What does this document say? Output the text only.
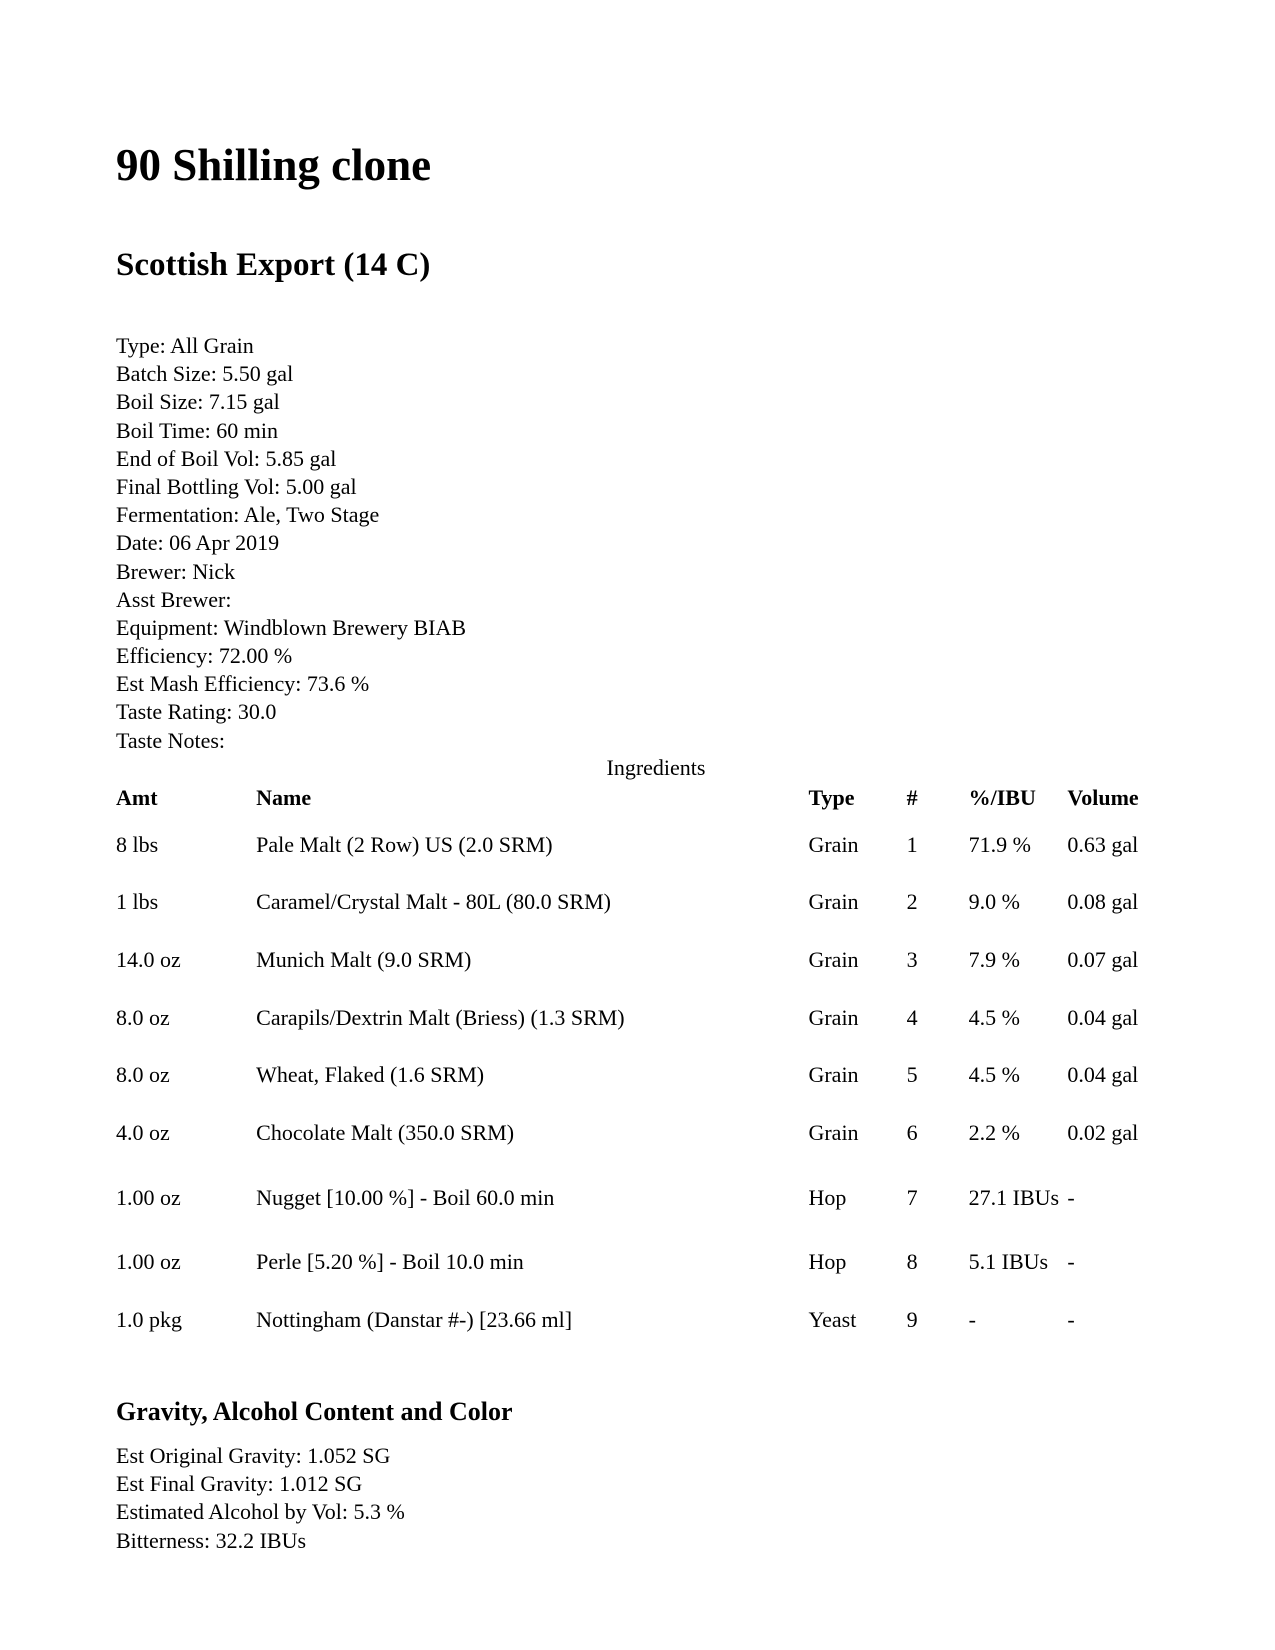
90 Shilling clone
Scottish Export (14 C)
Type: All Grain
Batch Size: 5.50 gal
Boil Size: 7.15 gal
Boil Time: 60 min
End of Boil Vol: 5.85 gal
Final Bottling Vol: 5.00 gal
Fermentation: Ale, Two Stage
Date: 06 Apr 2019
Brewer: Nick
Asst Brewer:
Equipment: Windblown Brewery BIAB
Efficiency: 72.00 %
Est Mash Efficiency: 73.6 %
Taste Rating: 30.0
Taste Notes:
Ingredients
Amt	Name	Type	#	%/IBU	Volume
8 lbs	Pale Malt (2 Row) US (2.0 SRM)	Grain	1	71.9 %	0.63 gal
1 lbs	Caramel/Crystal Malt - 80L (80.0 SRM)	Grain	2	9.0 %	0.08 gal
14.0 oz	Munich Malt (9.0 SRM)	Grain	3	7.9 %	0.07 gal
8.0 oz	Carapils/Dextrin Malt (Briess) (1.3 SRM)	Grain	4	4.5 %	0.04 gal
8.0 oz	Wheat, Flaked (1.6 SRM)	Grain	5	4.5 %	0.04 gal
4.0 oz	Chocolate Malt (350.0 SRM)	Grain	6	2.2 %	0.02 gal
1.00 oz	Nugget [10.00 %] - Boil 60.0 min	Hop	7	27.1 IBUs	-
1.00 oz	Perle [5.20 %] - Boil 10.0 min	Hop	8	5.1 IBUs	-
1.0 pkg	Nottingham (Danstar #-) [23.66 ml]	Yeast	9	-	-
Gravity, Alcohol Content and Color
Est Original Gravity: 1.052 SG
Est Final Gravity: 1.012 SG
Estimated Alcohol by Vol: 5.3 %
Bitterness: 32.2 IBUs
